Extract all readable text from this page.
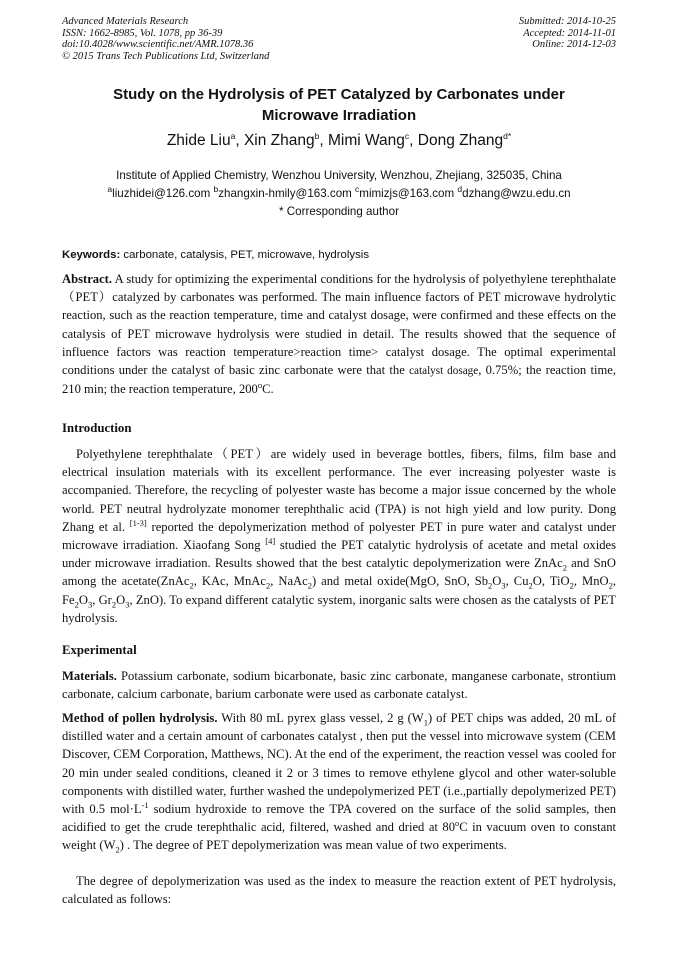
Advanced Materials Research
ISSN: 1662-8985, Vol. 1078, pp 36-39
doi:10.4028/www.scientific.net/AMR.1078.36
© 2015 Trans Tech Publications Ltd, Switzerland
Submitted: 2014-10-25
Accepted: 2014-11-01
Online: 2014-12-03
Study on the Hydrolysis of PET Catalyzed by Carbonates under
Microwave Irradiation
Zhide Liu$^a$, Xin Zhang$^b$, Mimi Wang$^c$, Dong Zhang$^{d*}$
Institute of Applied Chemistry, Wenzhou University, Wenzhou, Zhejiang, 325035, China
$^a$liuzhidei@126.com $^b$zhangxin-hmily@163.com $^c$mimizjs@163.com $^d$dzhang@wzu.edu.cn
* Corresponding author
Keywords: carbonate, catalysis, PET, microwave, hydrolysis

Abstract. A study for optimizing the experimental conditions for the hydrolysis of polyethylene terephthalate（PET）catalyzed by carbonates was performed. The main influence factors of PET microwave hydrolytic reaction, such as the reaction temperature, time and catalyst dosage, were confirmed and these effects on the catalysis of PET microwave hydrolysis were studied in detail. The results showed that the sequence of influence factors was reaction temperature>reaction time> catalyst dosage. The optimal experimental conditions under the catalyst of basic zinc carbonate were that the catalyst dosage, 0.75%; the reaction time, 210 min; the reaction temperature, 200$^o$C.

Introduction

Polyethylene terephthalate（PET）are widely used in beverage bottles, fibers, films, film base and electrical insulation materials with its excellent performance. The ever increasing polyester waste is accompanied. Therefore, the recycling of polyester waste has become a major issue concerned by the whole world. PET neutral hydrolyzate monomer terephthalic acid (TPA) is not high yield and low purity. Dong Zhang et al. [1-3] reported the depolymerization method of polyester PET in pure water and catalyst under microwave irradiation. Xiaofang Song [4] studied the PET catalytic hydrolysis of acetate and metal oxides under microwave irradiation. Results showed that the best catalytic depolymerization were ZnAc$_2$ and SnO among the acetate(ZnAc$_2$, KAc, MnAc$_2$, NaAc$_2$) and metal oxide(MgO, SnO, $Sb_2O_3$, $Cu_2O$, TiO$_2$, MnO$_2$, $Fe_2O_3$, $Gr_2O_3$, ZnO). To expand different catalytic system, inorganic salts were chosen as the catalysts of PET hydrolysis.

Experimental

Materials. Potassium carbonate, sodium bicarbonate, basic zinc carbonate, manganese carbonate, strontium carbonate, calcium carbonate, barium carbonate were used as carbonate catalyst.

Method of pollen hydrolysis. With 80 mL pyrex glass vessel, 2 g $(W_1)$ of PET chips was added, 20 mL of distilled water and a certain amount of carbonates catalyst , then put the vessel into microwave system (CEM Discover, CEM Corporation, Matthews, NC). At the end of the experiment, the reaction vessel was cooled for 20 min under sealed conditions, cleaned it 2 or 3 times to remove ethylene glycol and other water-soluble components with distilled water, further washed the undepolymerized PET (i.e.,partially depolymerized PET) with 0.5 mol·L$^{-1}$ sodium hydroxide to remove the TPA covered on the surface of the solid samples, then acidified to get the crude terephthalic acid, filtered, washed and dried at 80$^o$C in vacuum oven to constant weight $(W_2)$ . The degree of PET depolymerization was mean value of two experiments.

The degree of depolymerization was used as the index to measure the reaction extent of PET hydrolysis, calculated as follows:
